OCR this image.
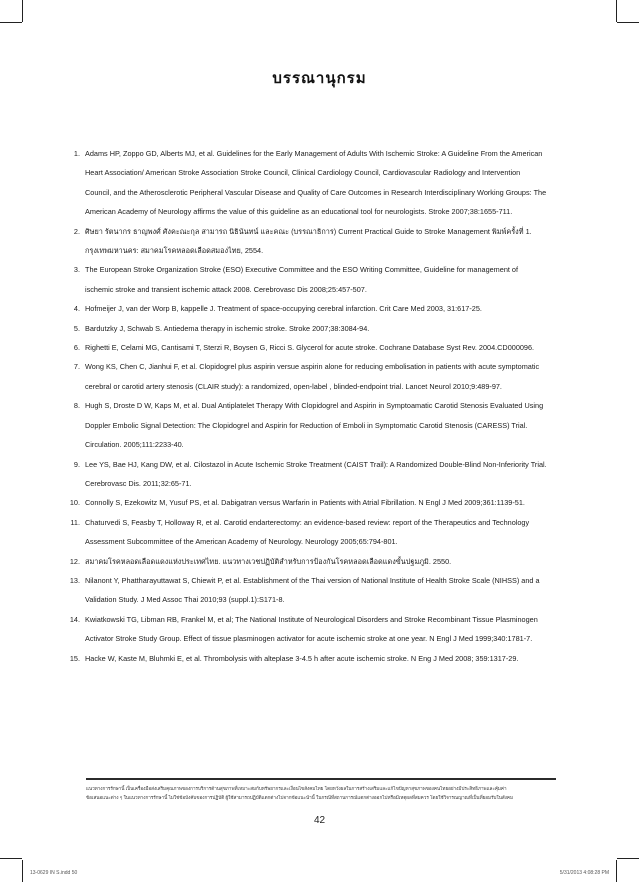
บรรณานุกรม
1. Adams HP, Zoppo GD, Alberts MJ, et al. Guidelines for the Early Management of Adults With Ischemic Stroke: A Guideline From the American Heart Association/ American Stroke Association Stroke Council, Clinical Cardiology Council, Cardiovascular Radiology and Intervention Council, and the Atherosclerotic Peripheral Vascular Disease and Quality of Care Outcomes in Research Interdisciplinary Working Groups: The American Academy of Neurology affirms the value of this guideline as an educational tool for neurologists. Stroke 2007;38:1655-711.
2. ศิษยา รัตนากร ธาญพงศ์ ศังคะณะกุล สามารถ นิธินันทน์ และคณะ (บรรณาธิการ) Current Practical Guide to Stroke Management พิมพ์ครั้งที่ 1. กรุงเทพมหานคร: สมาคมโรคหลอดเลือดสมองไทย, 2554.
3. The European Stroke Organization Stroke (ESO) Executive Committee and the ESO Writing Committee, Guideline for management of ischemic stroke and transient ischemic attack 2008. Cerebrovasc Dis 2008;25:457-507.
4. Hofmeijer J, van der Worp B, kappelle J. Treatment of space-occupying cerebral infarction. Crit Care Med 2003, 31:617-25.
5. Bardutzky J, Schwab S. Antiedema therapy in ischemic stroke. Stroke 2007;38:3084-94.
6. Righetti E, Celami MG, Cantisami T, Sterzi R, Boysen G, Ricci S. Glycerol for acute stroke. Cochrane Database Syst Rev. 2004.CD000096.
7. Wong KS, Chen C, Jianhui F, et al. Clopidogrel plus aspirin versue aspirin alone for reducing embolisation in patients with acute symptomatic cerebral or carotid artery stenosis (CLAIR study): a randomized, open-label , blinded-endpoint trial. Lancet Neurol 2010;9:489-97.
8. Hugh S, Droste D W, Kaps M, et al. Dual Antiplatelet Therapy With Clopidogrel and Aspirin in Symptoamatic Carotid Stenosis Evaluated Using Doppler Embolic Signal Detection: The Clopidogrel and Aspirin for Reduction of Emboli in Symptomatic Carotid Stenosis (CARESS) Trial. Circulation. 2005;111:2233-40.
9. Lee YS, Bae HJ, Kang DW, et al. Cilostazol in Acute Ischemic Stroke Treatment (CAIST Trail): A Randomized Double-Blind Non-Inferiority Trial. Cerebrovasc Dis. 2011;32:65-71.
10. Connolly S, Ezekowitz M, Yusuf PS, et al. Dabigatran versus Warfarin in Patients with Atrial Fibrillation. N Engl J Med 2009;361:1139-51.
11. Chaturvedi S, Feasby T, Holloway R, et al. Carotid endarterectomy: an evidence-based review: report of the Therapeutics and Technology Assessment Subcommittee of the American Academy of Neurology. Neurology 2005;65:794-801.
12. สมาคมโรคหลอดเลือดแดงแห่งประเทศไทย. แนวทางเวชปฏิบัติสำหรับการป้องกันโรคหลอดเลือดแดงขั้นปฐมภูมิ. 2550.
13. Nilanont Y, Phattharayuttawat S, Chiewit P, et al. Establishment of the Thai version of National Institute of Health Stroke Scale (NIHSS) and a Validation Study. J Med Assoc Thai 2010;93 (suppl.1):S171-8.
14. Kwiatkowski TG, Libman RB, Frankel M, et al; The National Institute of Neurological Disorders and Stroke Recombinant Tissue Plasminogen Activator Stroke Study Group. Effect of tissue plasminogen activator for acute ischemic stroke at one year. N Engl J Med 1999;340:1781-7.
15. Hacke W, Kaste M, Bluhmki E, et al. Thrombolysis with alteplase 3-4.5 h after acute ischemic stroke. N Eng J Med 2008; 359:1317-29.
แนวทางการรักษานี้ เป็นเครื่องมือส่งเสริมคุณภาพของการบริการด้านสุขภาพที่เหมาะสมกับทรัพยากรและเงื่อนไขสังคมไทย โดยหวังผลในการสร้างเสริมและแก้ไขปัญหาสุขภาพของคนไทยอย่างมีประสิทธิภาพและคุ้มค่า
ข้อเสนอแนะต่าง ๆ ในแนวทางการรักษานี้ ไม่ใช่ข้อบังคับของการปฏิบัติ ผู้ใช้สามารถปฏิบัติแตกต่างไปจากข้อแนะนำนี้ ในกรณีที่สถานการณ์แตกต่างออกไปหรือมีเหตุผลที่สมควร โดยใช้วิจารณญาณที่เป็นที่ยอมรับในสังคม
42
13-0629 IN S.indd 50	5/31/2013 4:08:28 PM
